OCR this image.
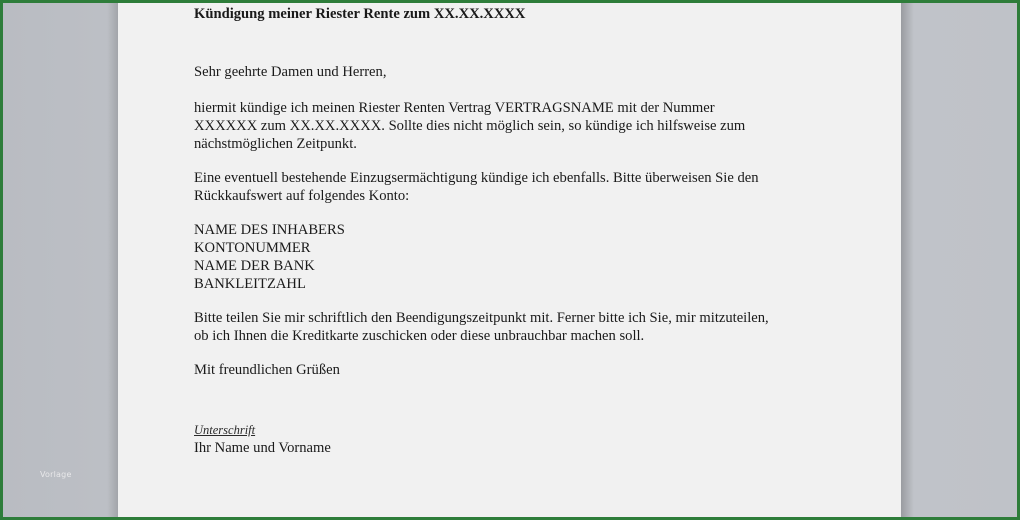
Kündigung meiner Riester Rente zum XX.XX.XXXX

Sehr geehrte Damen und Herren,

hiermit kündige ich meinen Riester Renten Vertrag VERTRAGSNAME mit der Nummer
XXXXXX zum XX.XX.XXXX. Sollte dies nicht möglich sein, so kündige ich hilfsweise zum
nächstmöglichen Zeitpunkt.

Eine eventuell bestehende Einzugsermächtigung kündige ich ebenfalls. Bitte überweisen Sie den
Rückkaufswert auf folgendes Konto:

NAME DES INHABERS
KONTONUMMER
NAME DER BANK
BANKLEITZAHL

Bitte teilen Sie mir schriftlich den Beendigungszeitpunkt mit. Ferner bitte ich Sie, mir mitzuteilen,
ob ich Ihnen die Kreditkarte zuschicken oder diese unbrauchbar machen soll.

Mit freundlichen Grüßen

Unterschrift

Ihr Name und Vorname

Vorlage
